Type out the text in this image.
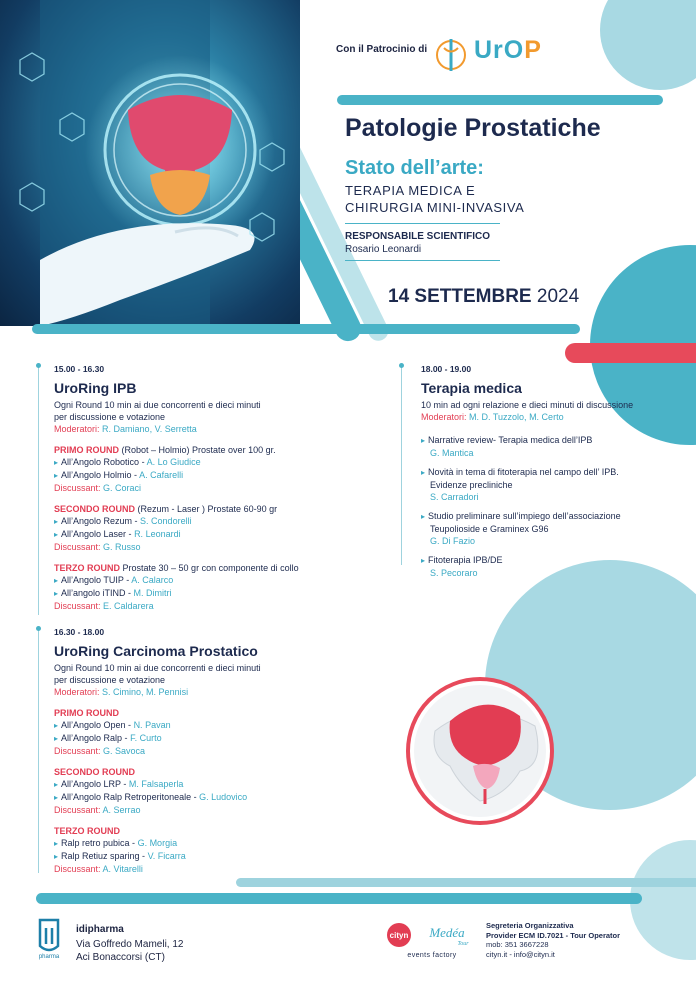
Con il Patrocinio di UrOP
Patologie Prostatiche
Stato dell’arte:
TERAPIA MEDICA E
CHIRURGIA MINI-INVASIVA
RESPONSABILE SCIENTIFICO
Rosario Leonardi
14 SETTEMBRE 2024
15.00 - 16.30
UroRing IPB
Ogni Round 10 min ai due concorrenti e dieci minuti
per discussione e votazione
Moderatori: R. Damiano, V. Serretta
PRIMO ROUND (Robot – Holmio) Prostate over 100 gr.
▸ All’Angolo Robotico - A. Lo Giudice
▸ All’Angolo Holmio - A. Cafarelli
Discussant: G. Coraci
SECONDO ROUND (Rezum - Laser ) Prostate 60-90 gr
▸ All’Angolo Rezum - S. Condorelli
▸ All’Angolo Laser - R. Leonardi
Discussant: G. Russo
TERZO ROUND Prostate 30 – 50 gr con componente di collo
▸ All’Angolo TUIP - A. Calarco
▸ All’angolo iTIND - M. Dimitri
Discussant: E. Caldarera
16.30 - 18.00
UroRing Carcinoma Prostatico
Ogni Round 10 min ai due concorrenti e dieci minuti
per discussione e votazione
Moderatori: S. Cimino, M. Pennisi
PRIMO ROUND
▸ All’Angolo Open - N. Pavan
▸ All’Angolo Ralp - F. Curto
Discussant: G. Savoca
SECONDO ROUND
▸ All’Angolo LRP - M. Falsaperla
▸ All’Angolo Ralp Retroperitoneale - G. Ludovico
Discussant: A. Serrao
TERZO ROUND
▸ Ralp retro pubica - G. Morgia
▸ Ralp Retiuz sparing - V. Ficarra
Discussant: A. Vitarelli
18.00 - 19.00
Terapia medica
10 min ad ogni relazione e dieci minuti di discussione
Moderatori: M. D. Tuzzolo, M. Certo
▸ Narrative review- Terapia medica dell’IPB
G. Mantica
▸ Novità in tema di fitoterapia nel campo dell’ IPB.
Evidenze precliniche
S. Carradori
▸ Studio preliminare sull’impiego dell’associazione
Teupolioside e Graminex G96
G. Di Fazio
▸ Fitoterapia IPB/DE
S. Pecoraro
pharma
idipharma
Via Goffredo Mameli, 12
Aci Bonaccorsi (CT)
cityn Medéa
Tour
events factory
Segreteria Organizzativa
Provider ECM ID.7021 - Tour Operator
mob: 351 3667228
cityn.it - info@cityn.it
